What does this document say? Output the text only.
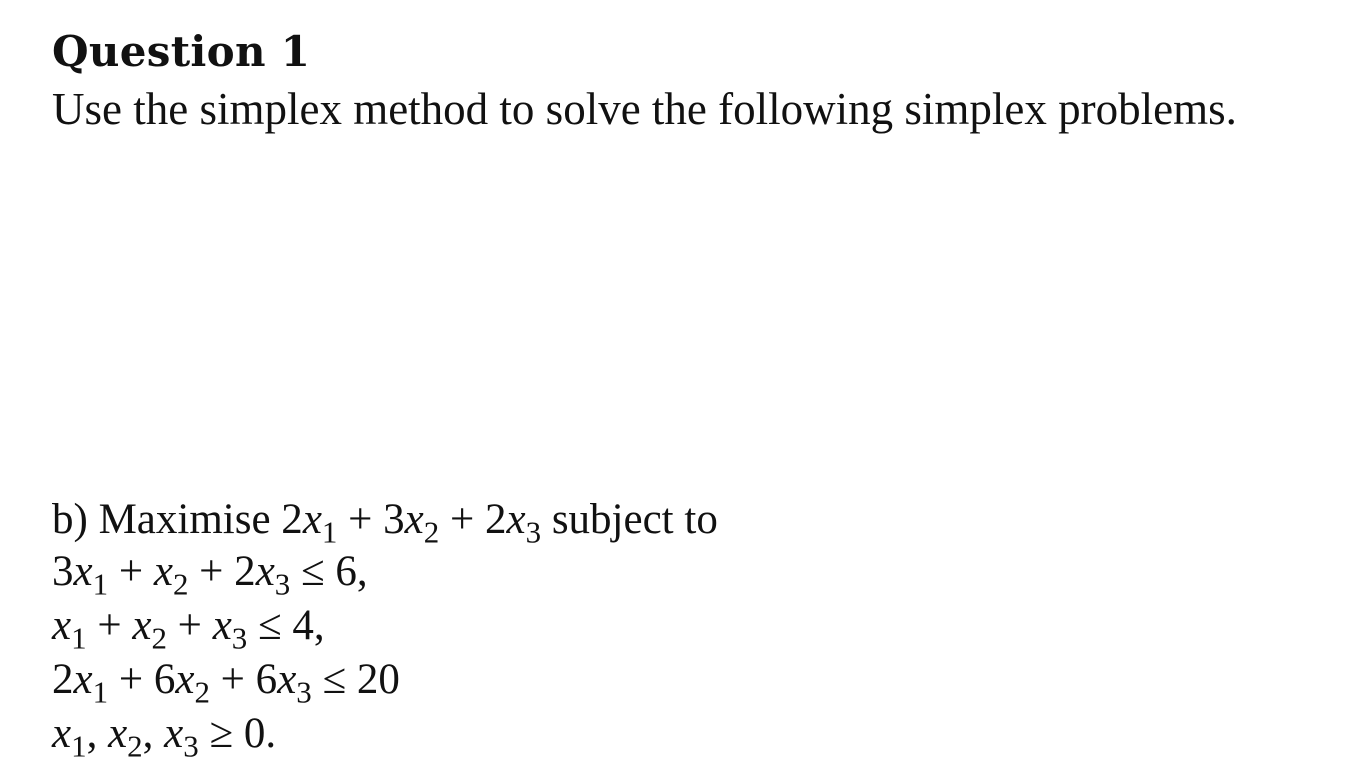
Question 1
Use the simplex method to solve the following simplex problems.
b) Maximise $2x_1 + 3x_2 + 2x_3$ subject to
$3x_1 + x_2 + 2x_3 \le 6$,
$x_1 + x_2 + x_3 \le 4$,
$2x_1 + 6x_2 + 6x_3 \le 20$
$x_1$, $x_2$, $x_3 \ge 0$.
